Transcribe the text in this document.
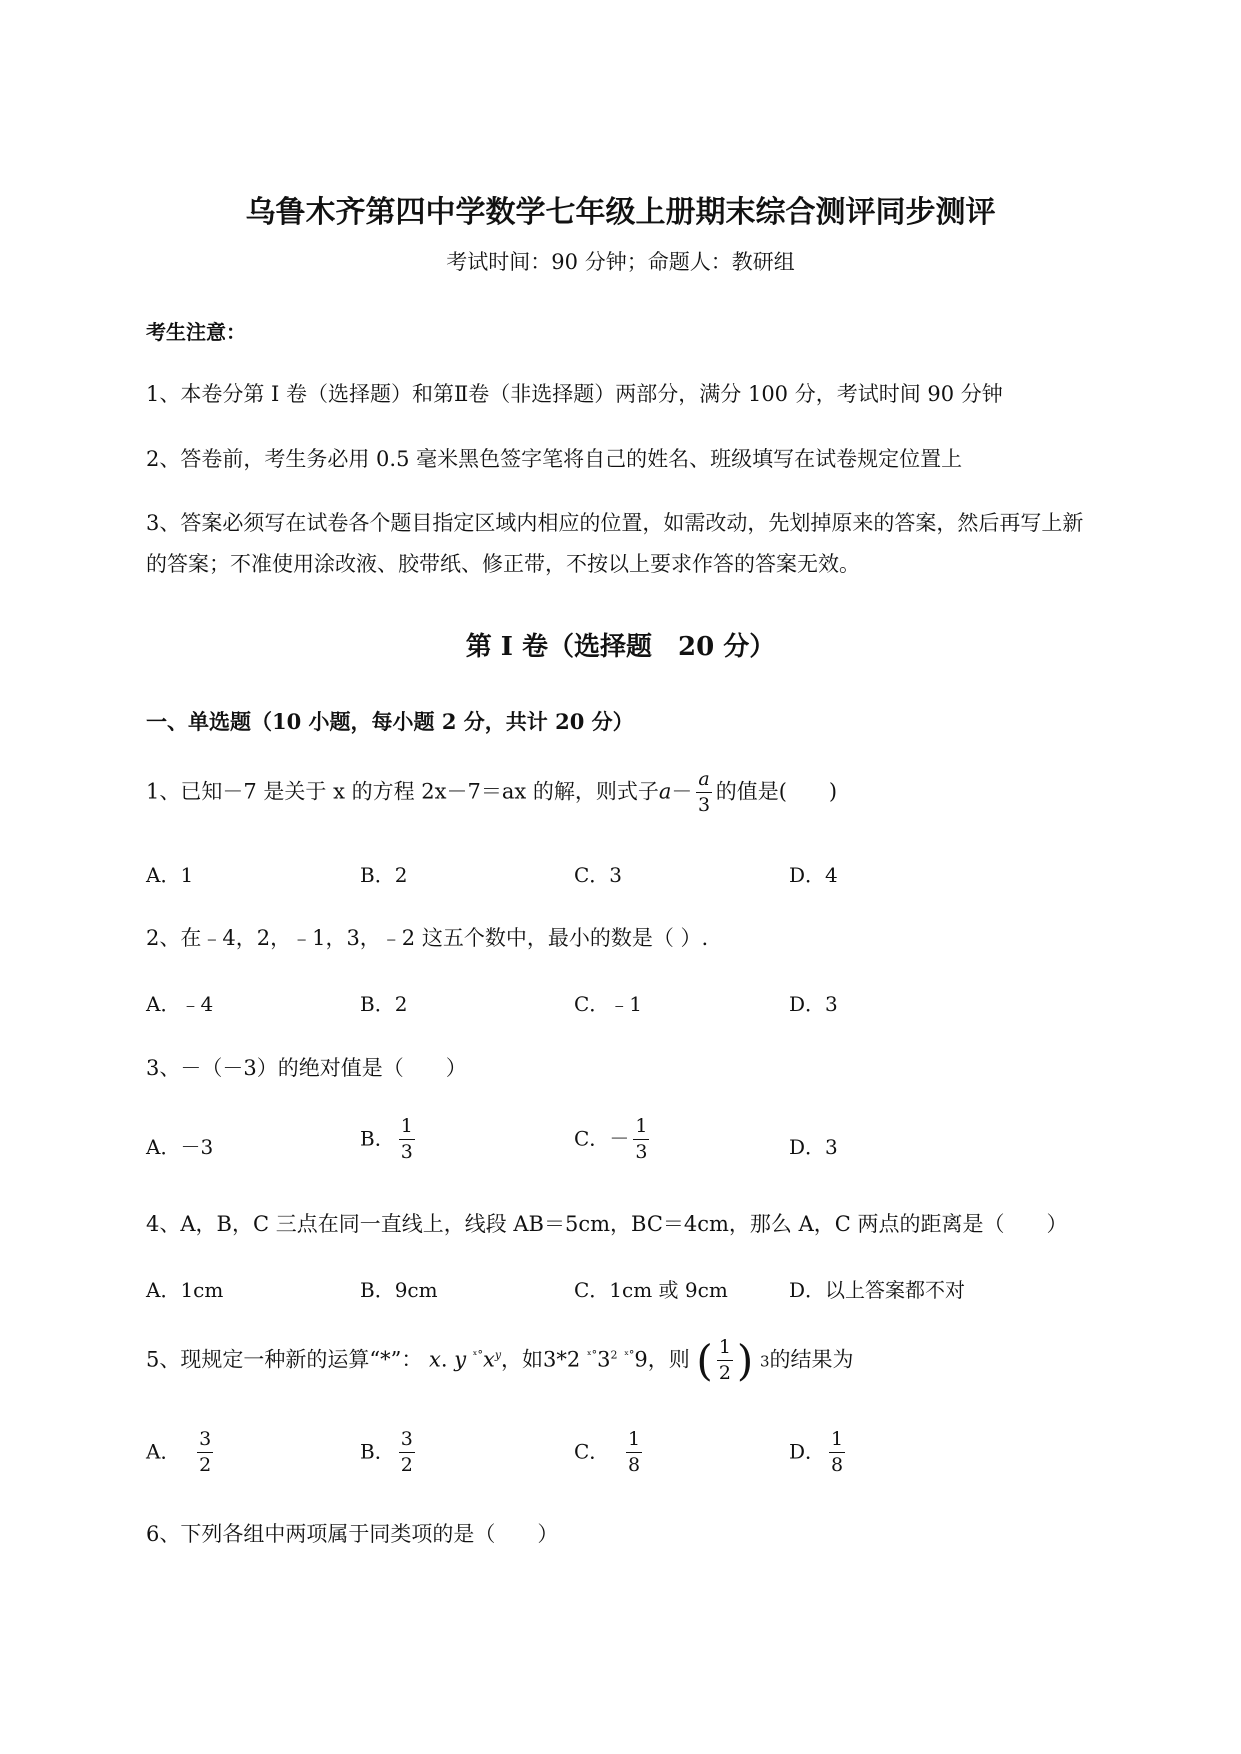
乌鲁木齐第四中学数学七年级上册期末综合测评同步测评
考试时间：90 分钟；命题人：教研组
考生注意：
1、本卷分第 I 卷（选择题）和第Ⅱ卷（非选择题）两部分，满分 100 分，考试时间 90 分钟
2、答卷前，考生务必用 0.5 毫米黑色签字笔将自己的姓名、班级填写在试卷规定位置上
3、答案必须写在试卷各个题目指定区域内相应的位置，如需改动，先划掉原来的答案，然后再写上新
的答案；不准使用涂改液、胶带纸、修正带，不按以上要求作答的答案无效。
第 I 卷（选择题　20 分）
一、单选题（10 小题，每小题 2 分，共计 20 分）
1、已知－7 是关于 x 的方程 2x－7＝ax 的解，则式子$a- \frac{a}{3}$ 的值是(　　)
A．1	B．2	C．3	D．4
2、在﹣4，2，﹣1，3，﹣2 这五个数中，最小的数是（ ）.
A．﹣4	B．2	C．﹣1	D．3
3、－（－3）的绝对值是（　　）
A．－3	B． $\frac{1}{3}$	C．－ $\frac{1}{3}$	D．3
4、A，B，C 三点在同一直线上，线段 AB＝5cm，BC＝4cm，那么 A，C 两点的距离是（　　）
A．1cm	B．9cm	C．1cm 或 9cm	D．以上答案都不对
5、现规定一种新的运算“*”： x. y $^{ˣ^\circ}x^y$，如3*2 $^{ˣ^\circ}3^2$ $^{ˣ^\circ}$9，则 ( $\frac{1}{2}$ ) 3的结果为
A． $\frac{3}{2}$	B． $\frac{3}{2}$	C． $\frac{1}{8}$	D． $\frac{1}{8}$
6、下列各组中两项属于同类项的是（　　）
